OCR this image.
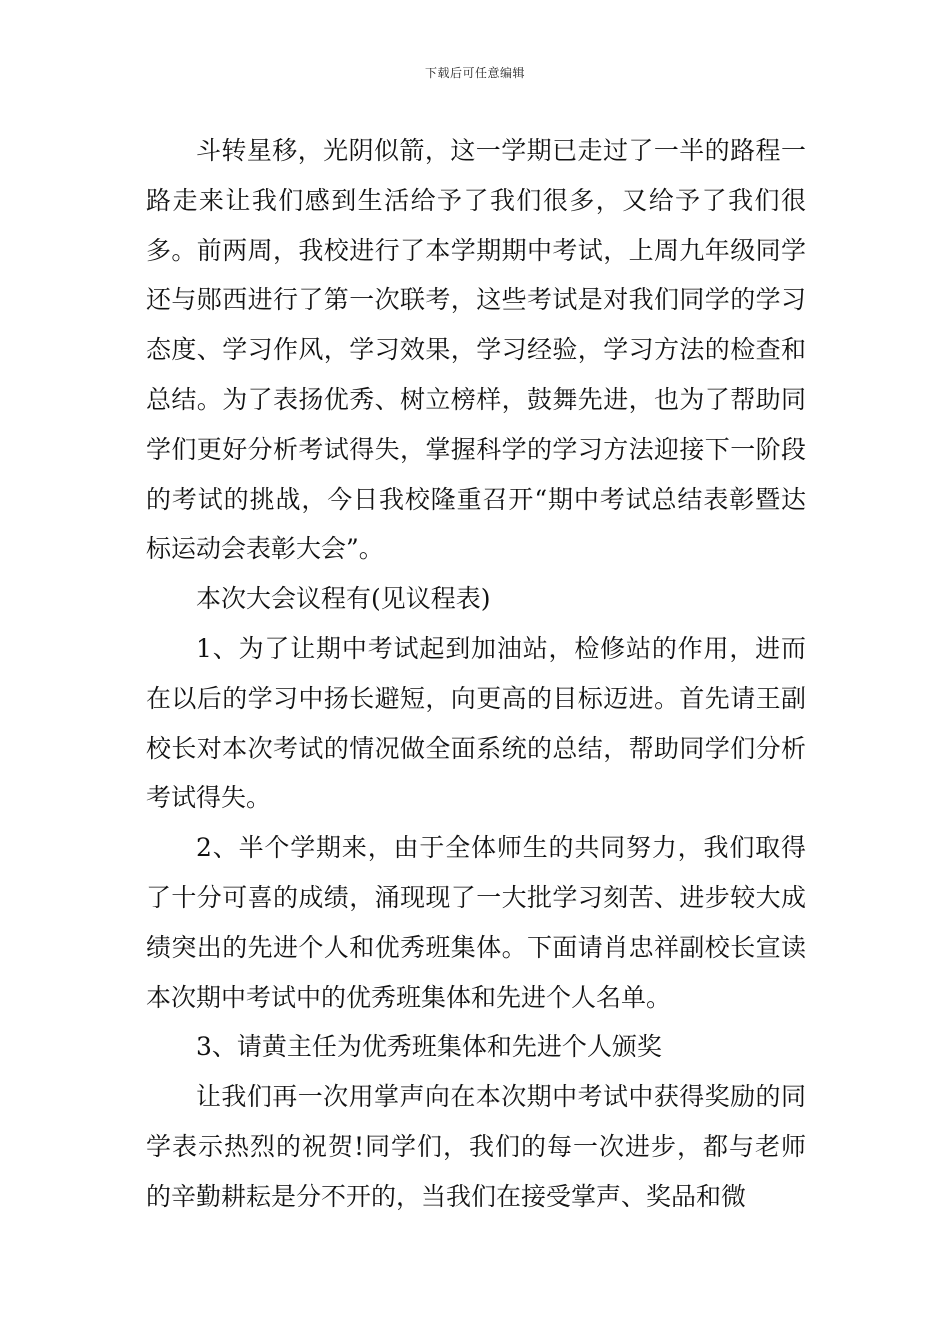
下载后可任意编辑

斗转星移，光阴似箭，这一学期已走过了一半的路程一路走来让我们感到生活给予了我们很多，又给予了我们很多。前两周，我校进行了本学期期中考试，上周九年级同学还与郧西进行了第一次联考，这些考试是对我们同学的学习态度、学习作风，学习效果，学习经验，学习方法的检查和总结。为了表扬优秀、树立榜样，鼓舞先进，也为了帮助同学们更好分析考试得失，掌握科学的学习方法迎接下一阶段的考试的挑战，今日我校隆重召开“期中考试总结表彰暨达标运动会表彰大会”。

本次大会议程有(见议程表)

1、为了让期中考试起到加油站，检修站的作用，进而在以后的学习中扬长避短，向更高的目标迈进。首先请王副校长对本次考试的情况做全面系统的总结，帮助同学们分析考试得失。

2、半个学期来，由于全体师生的共同努力，我们取得了十分可喜的成绩，涌现现了一大批学习刻苦、进步较大成绩突出的先进个人和优秀班集体。下面请肖忠祥副校长宣读本次期中考试中的优秀班集体和先进个人名单。

3、请黄主任为优秀班集体和先进个人颁奖

让我们再一次用掌声向在本次期中考试中获得奖励的同学表示热烈的祝贺!同学们，我们的每一次进步，都与老师的辛勤耕耘是分不开的，当我们在接受掌声、奖品和微
